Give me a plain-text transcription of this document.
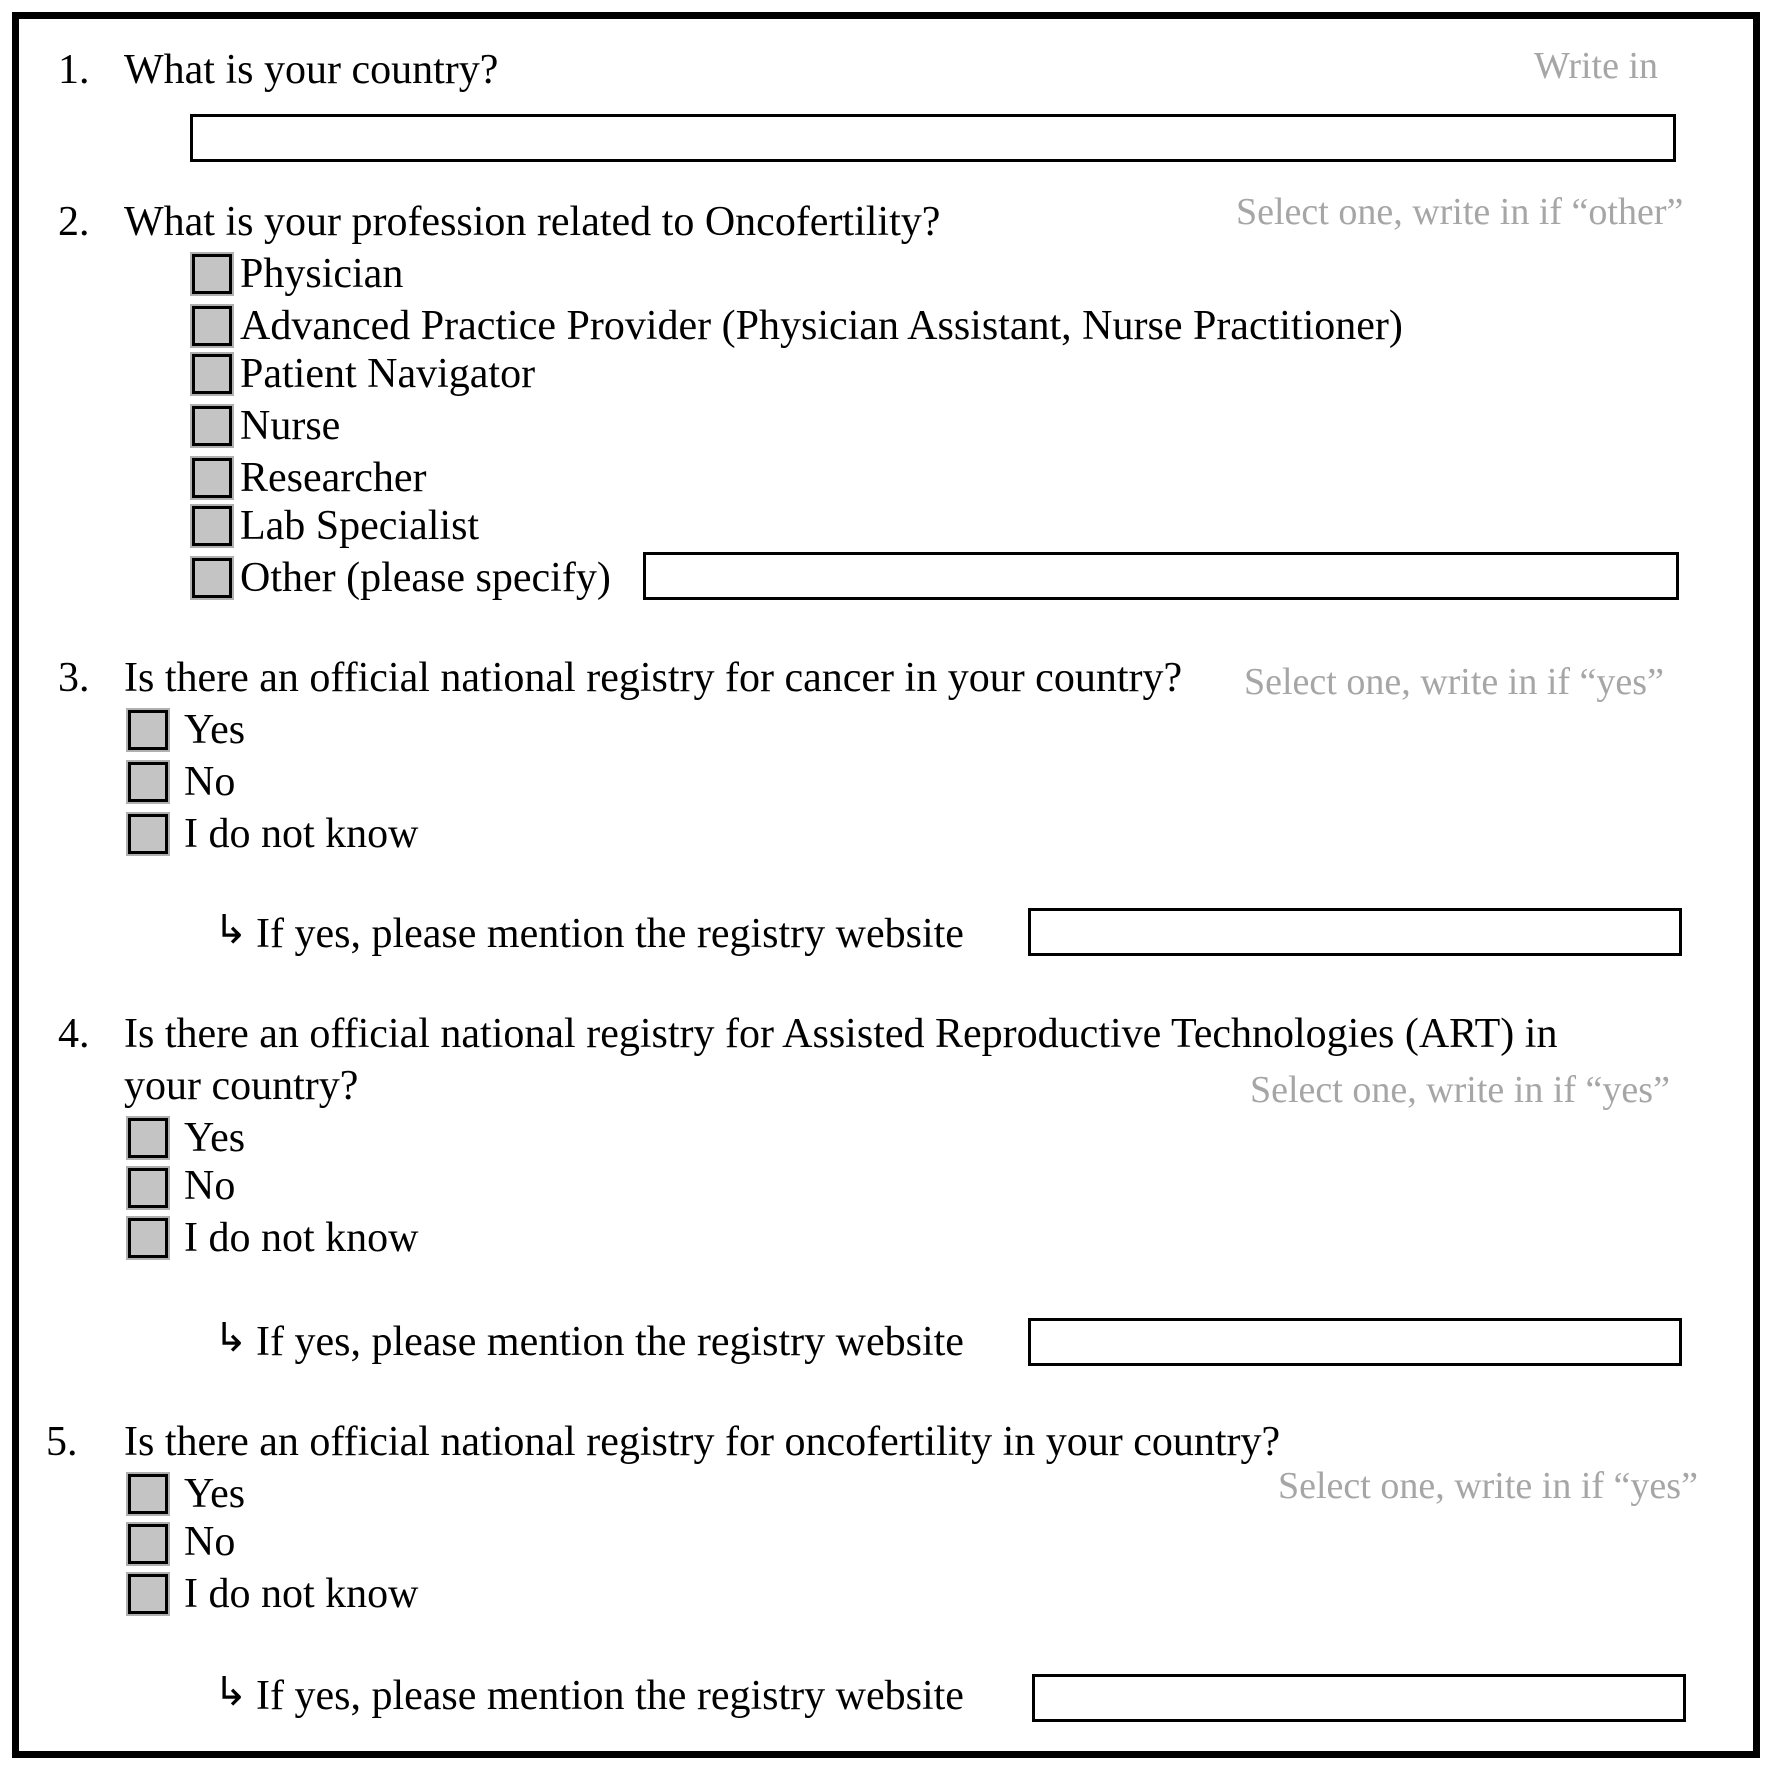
1. What is your country?	Write in
2. What is your profession related to Oncofertility?	Select one, write in if “other”
Physician
Advanced Practice Provider (Physician Assistant, Nurse Practitioner)
Patient Navigator
Nurse
Researcher
Lab Specialist
Other (please specify)
3. Is there an official national registry for cancer in your country? Select one, write in if “yes”
Yes
No
I do not know
↳ If yes, please mention the registry website
4. Is there an official national registry for Assisted Reproductive Technologies (ART) in
your country?	Select one, write in if “yes”
Yes
No
I do not know
↳ If yes, please mention the registry website
5. Is there an official national registry for oncofertility in your country?
Select one, write in if “yes”
Yes
No
I do not know
↳ If yes, please mention the registry website
